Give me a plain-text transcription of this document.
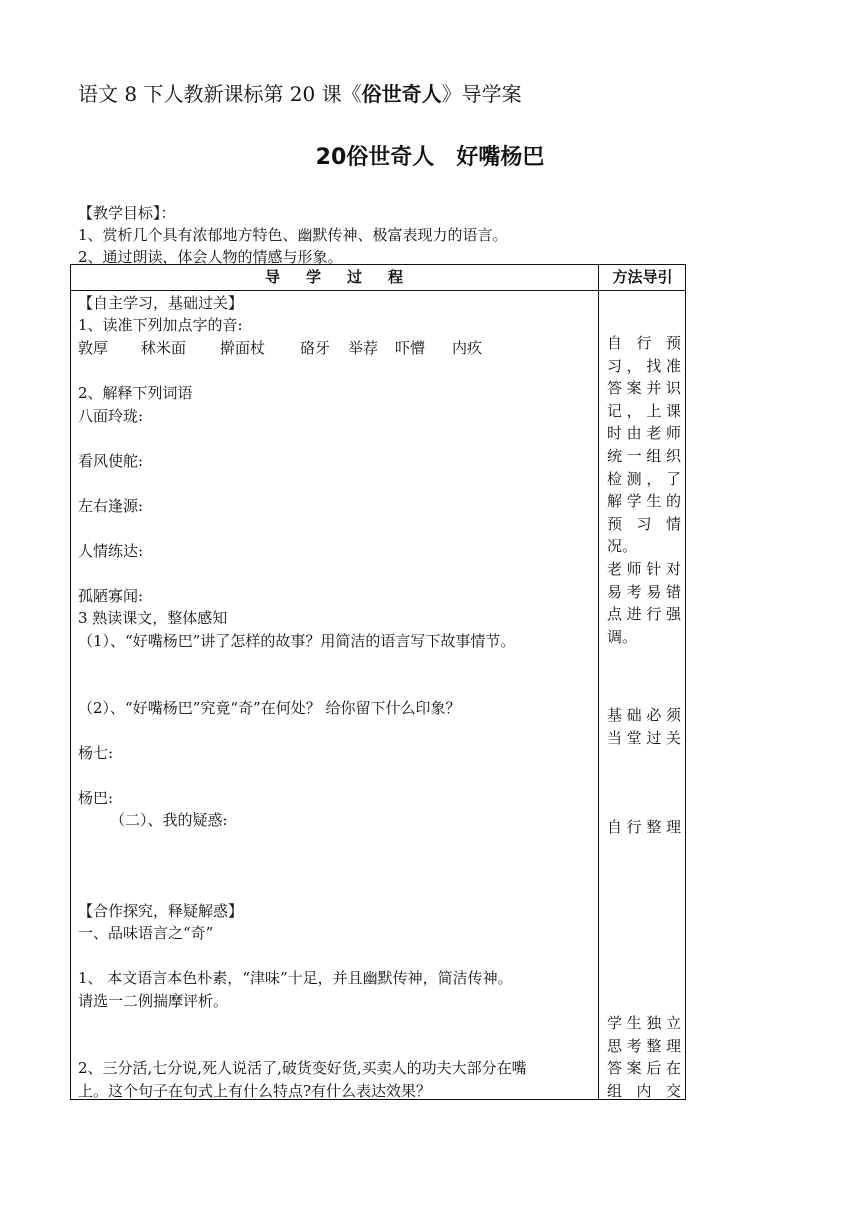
语文 8 下人教新课标第 20 课《俗世奇人》导学案
20俗世奇人 好嘴杨巴
【教学目标】：
1、赏析几个具有浓郁地方特色、幽默传神、极富表现力的语言。
2、通过朗读，体会人物的情感与形象。
导学过程	方法导引
【自主学习，基础过关】
1、读准下列加点字的音:
敦厚 秫米面 擀面杖 硌牙 举荐 吓懵 内疚
2、解释下列词语
八面玲珑:
看风使舵:
左右逢源:
人情练达:
孤陋寡闻:
3 熟读课文，整体感知
（1）、“好嘴杨巴”讲了怎样的故事？用简洁的语言写下故事情节。
（2）、“好嘴杨巴”究竟“奇”在何处？ 给你留下什么印象？
杨七:
杨巴:
（二）、我的疑惑:
【合作探究，释疑解惑】
一、品味语言之“奇”
1、 本文语言本色朴素，“津味”十足，并且幽默传神，简洁传神。
请选一二例揣摩评析。
2、三分活,七分说,死人说活了,破货变好货,买卖人的功夫大部分在嘴
上。这个句子在句式上有什么特点?有什么表达效果？
自 行 预
习，找准
答案并识
记，上课
时由老师
统一组织
检测，了
解学生的
预 习 情
况。
老师针对
易考易错
点进行强
调。
基础必须
当堂过关
自行整理
学生独立
思考整理
答案后在
组 内 交
